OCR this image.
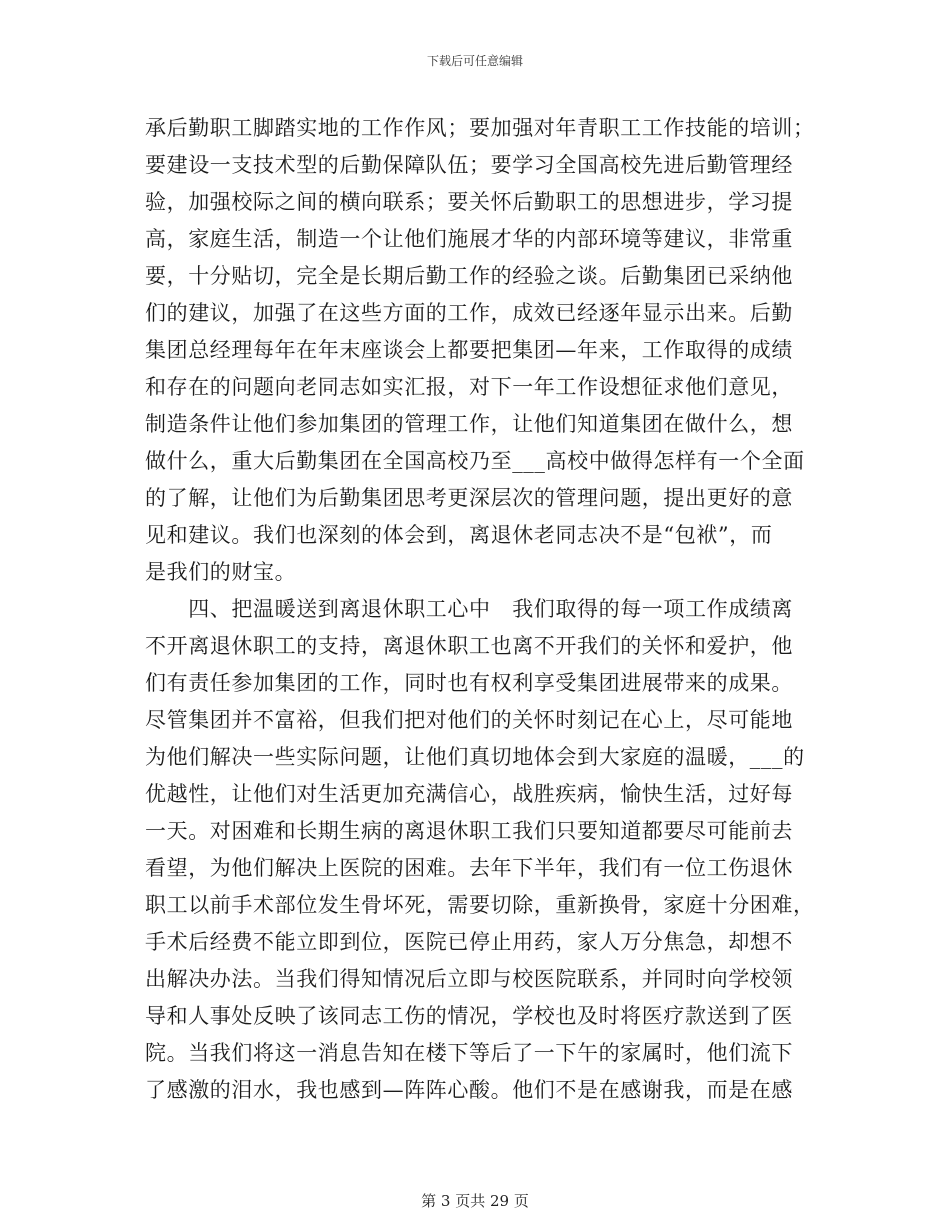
下载后可任意编辑
承后勤职工脚踏实地的工作作风；要加强对年青职工工作技能的培训；
要建设一支技术型的后勤保障队伍；要学习全国高校先进后勤管理经
验，加强校际之间的横向联系；要关怀后勤职工的思想进步，学习提
高，家庭生活，制造一个让他们施展才华的内部环境等建议，非常重
要，十分贴切，完全是长期后勤工作的经验之谈。后勤集团已采纳他
们的建议，加强了在这些方面的工作，成效已经逐年显示出来。后勤
集团总经理每年在年末座谈会上都要把集团—年来，工作取得的成绩
和存在的问题向老同志如实汇报，对下一年工作设想征求他们意见，
制造条件让他们参加集团的管理工作，让他们知道集团在做什么，想
做什么，重大后勤集团在全国高校乃至___高校中做得怎样有一个全面
的了解，让他们为后勤集团思考更深层次的管理问题，提出更好的意
见和建议。我们也深刻的体会到，离退休老同志决不是“包袱”，而
是我们的财宝。
　　四、把温暖送到离退休职工心中　我们取得的每一项工作成绩离
不开离退休职工的支持，离退休职工也离不开我们的关怀和爱护，他
们有责任参加集团的工作，同时也有权利享受集团进展带来的成果。
尽管集团并不富裕，但我们把对他们的关怀时刻记在心上，尽可能地
为他们解决一些实际问题，让他们真切地体会到大家庭的温暖，___的
优越性，让他们对生活更加充满信心，战胜疾病，愉快生活，过好每
一天。对困难和长期生病的离退休职工我们只要知道都要尽可能前去
看望，为他们解决上医院的困难。去年下半年，我们有一位工伤退休
职工以前手术部位发生骨坏死，需要切除，重新换骨，家庭十分困难，
手术后经费不能立即到位，医院已停止用药，家人万分焦急，却想不
出解决办法。当我们得知情况后立即与校医院联系，并同时向学校领
导和人事处反映了该同志工伤的情况，学校也及时将医疗款送到了医
院。当我们将这一消息告知在楼下等后了一下午的家属时，他们流下
了感激的泪水，我也感到—阵阵心酸。他们不是在感谢我，而是在感
第 3 页共 29 页
